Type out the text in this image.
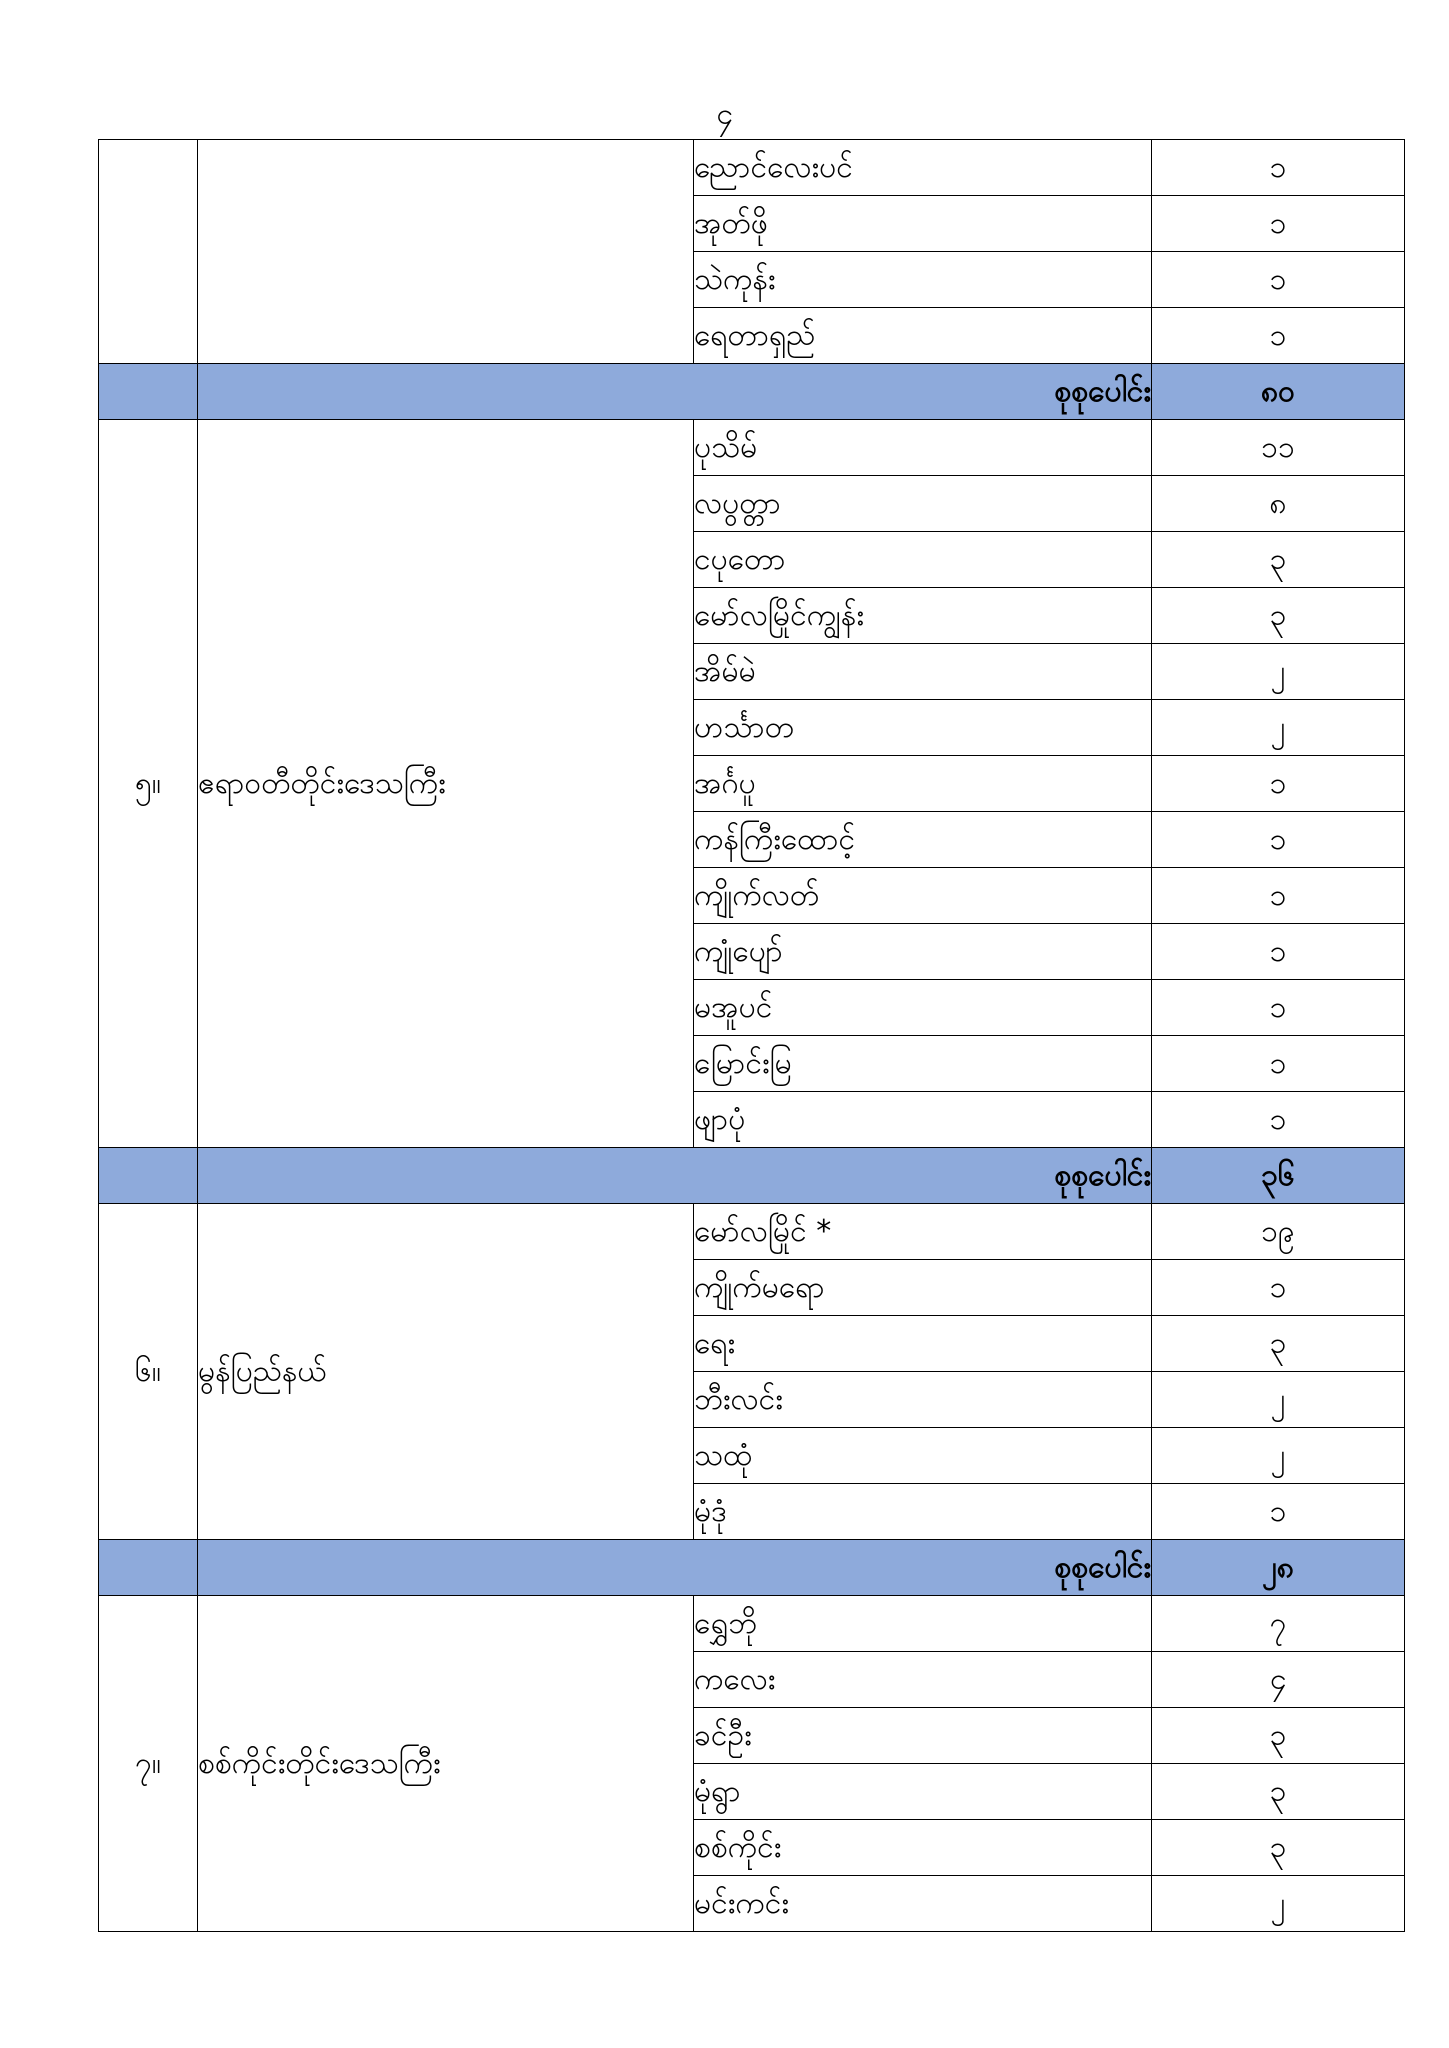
၄
		ညောင်လေးပင်	၁
		အုတ်ဖို	၁
		သဲကုန်း	၁
		ရေတာရှည်	၁
	စုစုပေါင်း		၈၀
၅။	ဧရာဝတီတိုင်းဒေသကြီး	ပုသိမ်	၁၁
		လပွတ္တာ	၈
		ငပုတော	၃
		မော်လမြိုင်ကျွန်း	၃
		အိမ်မဲ	၂
		ဟင်္သာတ	၂
		အင်္ဂပူ	၁
		ကန်ကြီးထောင့်	၁
		ကျိုက်လတ်	၁
		ကျုံပျော်	၁
		မအူပင်	၁
		မြောင်းမြ	၁
		ဖျာပုံ	၁
	စုစုပေါင်း		၃၆
၆။	မွန်ပြည်နယ်	မော်လမြိုင် *	၁၉
		ကျိုက်မရော	၁
		ရေး	၃
		ဘီးလင်း	၂
		သထုံ	၂
		မုံဒုံ	၁
	စုစုပေါင်း		၂၈
၇။	စစ်ကိုင်းတိုင်းဒေသကြီး	ရွှေဘို	၇
		ကလေး	၄
		ခင်ဦး	၃
		မုံရွာ	၃
		စစ်ကိုင်း	၃
		မင်းကင်း	၂
